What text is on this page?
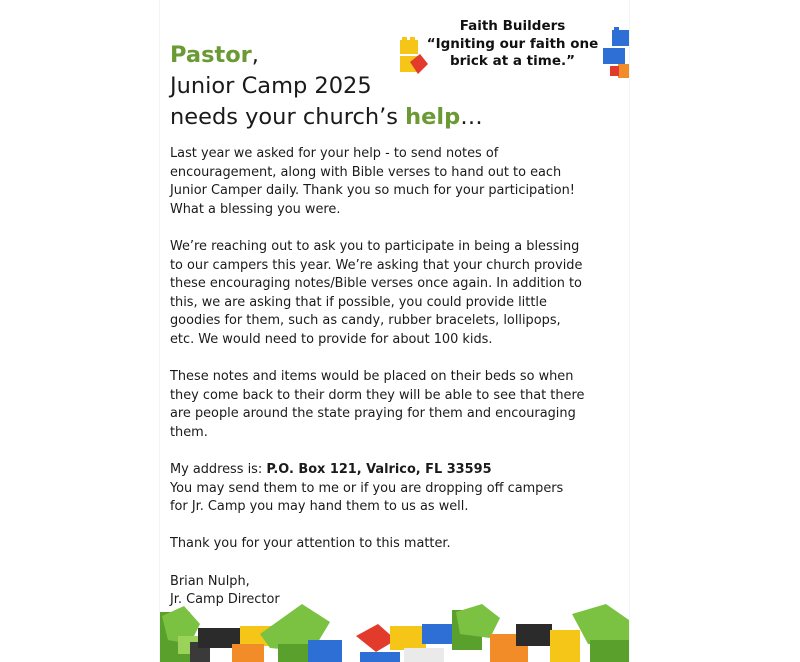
Faith Builders
“Igniting our faith one
brick at a time.”
Pastor,
Junior Camp 2025
needs your church’s help…

Last year we asked for your help - to send notes of
encouragement, along with Bible verses to hand out to each
Junior Camper daily. Thank you so much for your participation!
What a blessing you were.

We’re reaching out to ask you to participate in being a blessing
to our campers this year. We’re asking that your church provide
these encouraging notes/Bible verses once again. In addition to
this, we are asking that if possible, you could provide little
goodies for them, such as candy, rubber bracelets, lollipops,
etc. We would need to provide for about 100 kids.

These notes and items would be placed on their beds so when
they come back to their dorm they will be able to see that there
are people around the state praying for them and encouraging
them.

My address is: P.O. Box 121, Valrico, FL 33595
You may send them to me or if you are dropping off campers
for Jr. Camp you may hand them to us as well.

Thank you for your attention to this matter.

Brian Nulph,
Jr. Camp Director
